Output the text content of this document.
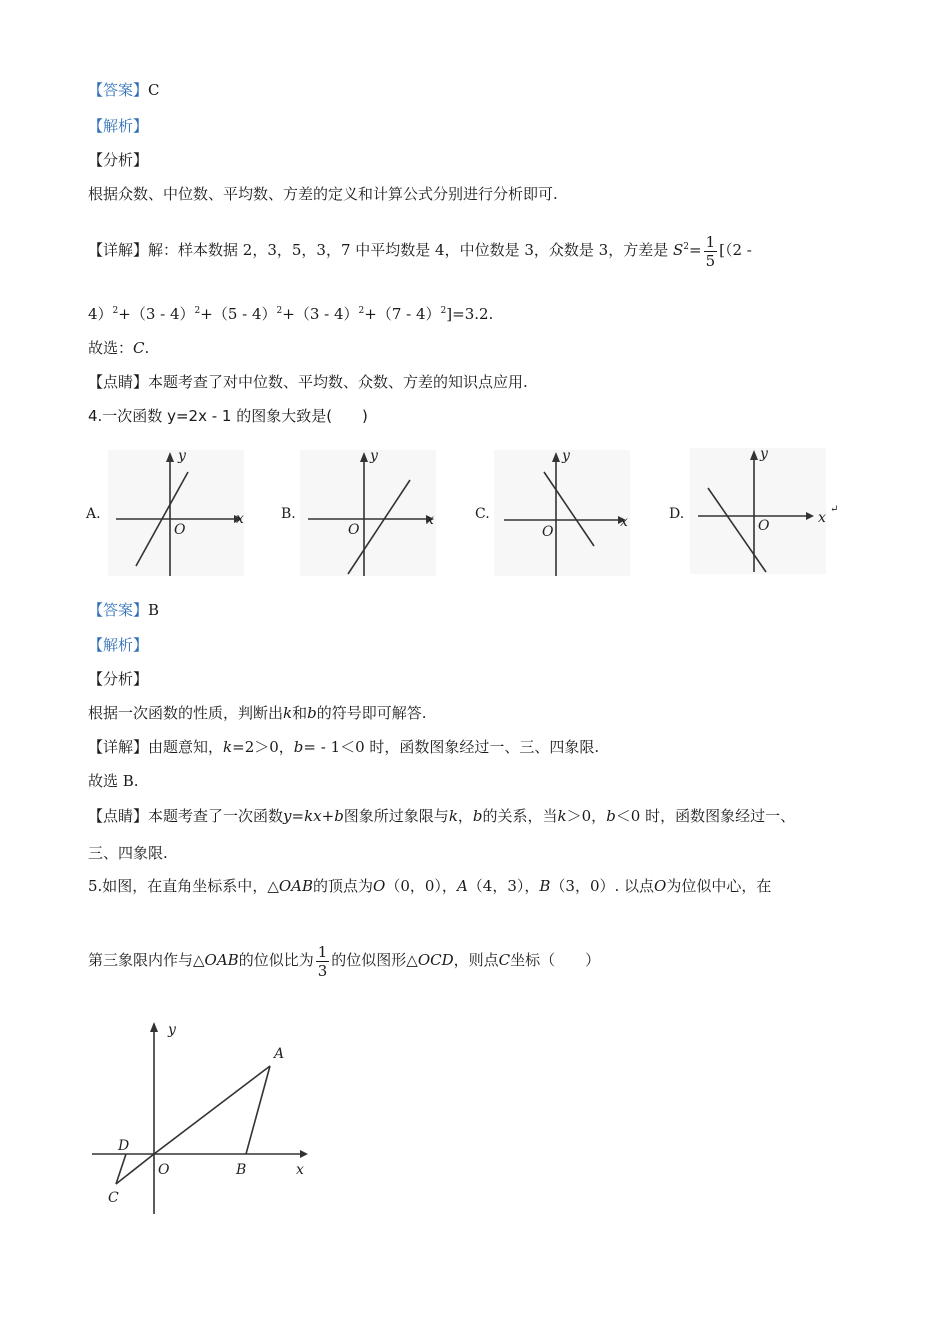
【答案】C
【解析】
【分析】
根据众数、中位数、平均数、方差的定义和计算公式分别进行分析即可.
【详解】解：样本数据 2，3，5，3，7 中平均数是 4，中位数是 3，众数是 3，方差是 $S^2= \frac{1}{5} [(2$ -
4）$^2$+（3 - 4）$^2$+（5 - 4）$^2$+（3 - 4）$^2$+（7 - 4）$^2$]=3.2.
故选：C.
【点睛】本题考查了对中位数、平均数、众数、方差的知识点应用.
4.一次函数 y=2x - 1 的图象大致是(　　)
A.	x
y
O
B.	x
y
O
C.	x
y
O
D.	x
y
O
↵
【答案】B
【解析】
【分析】
根据一次函数的性质，判断出k和b的符号即可解答.
【详解】由题意知，k=2＞0，b= - 1＜0 时，函数图象经过一、三、四象限.
故选 B.
【点睛】本题考查了一次函数y=kx+b图象所过象限与k，b的关系，当k＞0，b＜0 时，函数图象经过一、
三、四象限.
5.如图，在直角坐标系中，△OAB的顶点为O（0，0），A（4，3），B（3，0）. 以点O为位似中心，在
第三象限内作与△OAB的位似比为 $\frac{1}{3}$ 的位似图形△OCD，则点C坐标（　　）
y
x
A
B
O
D
C
